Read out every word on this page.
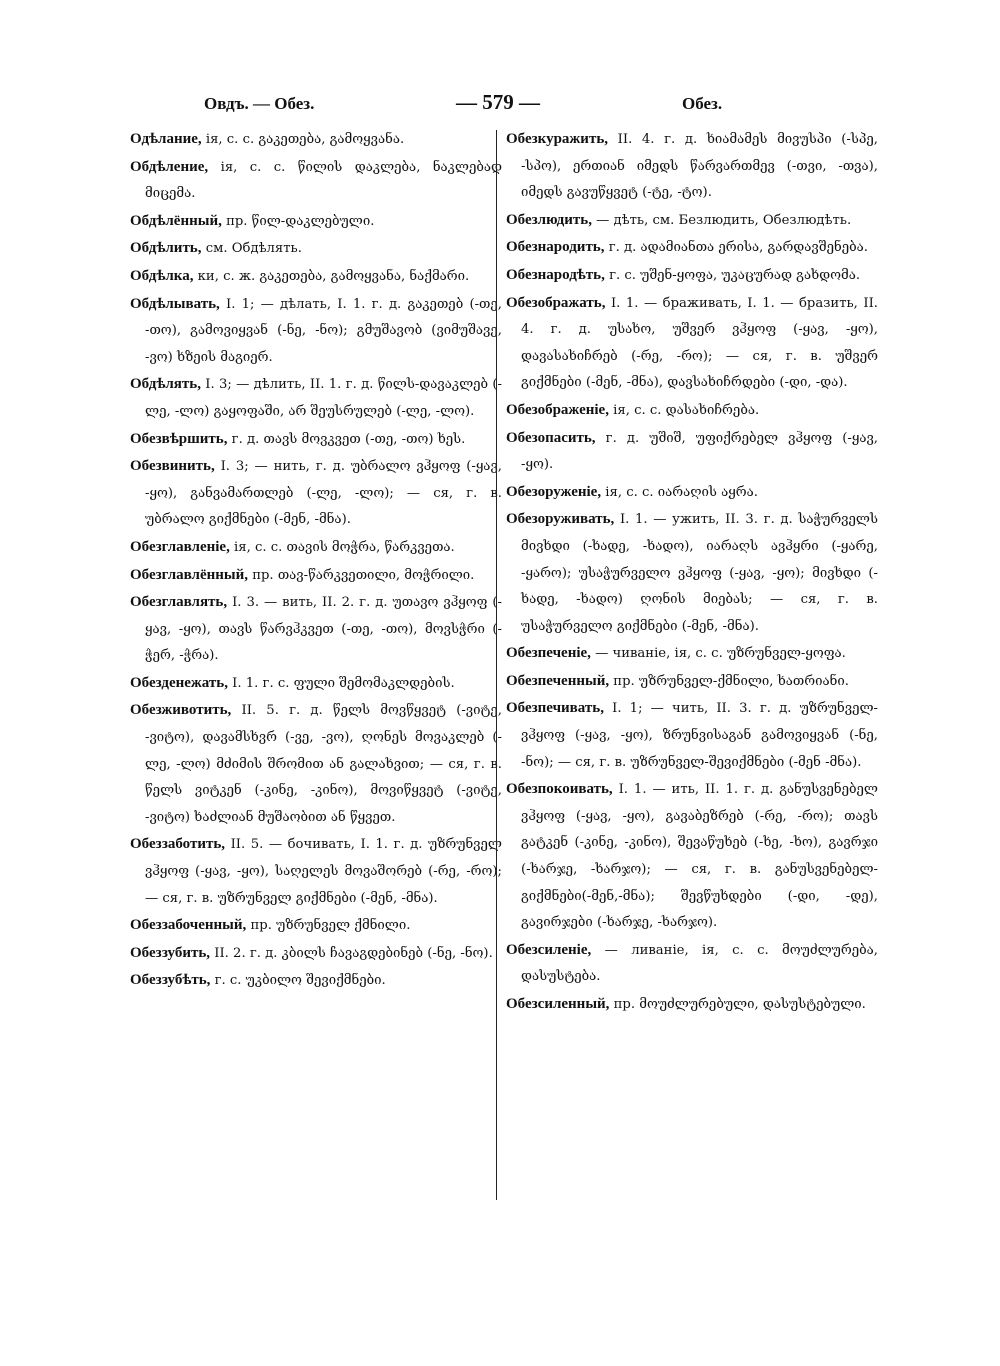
Овдъ. — Обез.	— 579 —	Обез.
Одѣлание, ія, с. с. გაკეთება, გამოყვანა.
Обдѣление, ія, с. с. წილის დაკლება, ნაკლებად მიცემა.
Обдѣлённый, пр. წილ-დაკლებული.
Обдѣлить, см. Обдѣлять.
Обдѣлка, ки, с. ж. გაკეთება, გამოყვანა, ნაქმარი.
Обдѣлывать, I. 1; — дѣлать, I. 1. г. д. გაკეთებ (-თე, -თო), გამოვიყვან (-ნე, -ნო); გმუშავობ (ვიმუშავე, -ვო) ხზეის მაგიერ.
Обдѣлять, I. 3; — дѣлить, II. 1. г. д. წილს-დავაკლებ (-ლე, -ლო) გაყოფაში, არ შეუსრულებ (-ლე, -ლო).
Обезвѣршить, г. д. თავს მოვკვეთ (-თე, -თო) ხეს.
Обезвинить, I. 3; — нить, г. д. უბრალო ვჰყოფ (-ყავ, -ყო), განვამართლებ (-ლე, -ლო); — ся, г. в. უბრალო გიქმნები (-მენ, -მნა).
Обезглавленіе, ія, с. с. თავის მოჭრა, წარკვეთა.
Обезглавлённый, пр. თავ-წარკვეთილი, მოჭრილი.
Обезглавлять, I. 3. — вить, II. 2. г. д. უთავო ვჰყოფ (-ყავ, -ყო), თავს წარვჰკვეთ (-თე, -თო), მოვსჭრი (-ჭერ, -ჭრა).
Обезденежать, I. 1. г. с. ფული შემომაკლდების.
Обезживотить, II. 5. г. д. წელს მოვწყვეტ (-ვიტე, -ვიტო), დავამსხვრ (-ვე, -ვო), ღონეს მოვაკლებ (-ლე, -ლო) მძიმის შრომით ან გალახვით; — ся, г. в. წელს ვიტკენ (-კინე, -კინო), მოვიწყვეტ (-ვიტე, -ვიტო) ხაძლიან მუშაობით ან წყვეთ.
Обеззаботить, II. 5. — бочивать, I. 1. г. д. უზრუნველ ვჰყოფ (-ყავ, -ყო), საღელეს მოვაშორებ (-რე, -რო); — ся, г. в. უზრუნველ გიქმნები (-მენ, -მნა).
Обеззабоченный, пр. უზრუნველ ქმნილი.
Обеззубить, II. 2. г. д. კბილს ჩავაგდებინებ (-ნე, -ნო).
Обеззубѣть, г. с. უკბილო შევიქმნები.
Обезкуражить, II. 4. г. д. ხიამამეს მივუსპი (-სპე, -სპო), ერთიან იმედს წარვართმევ (-თვი, -თვა), იმედს გავუწყვეტ (-ტე, -ტო).
Обезлюдить, — дѣть, см. Безлюдить, Обезлюдѣть.
Обезнародить, г. д. ადამიანთა ერისა, გარდავშენება.
Обезнародѣть, г. с. უშენ-ყოფა, უკაცურად გახდომა.
Обезображать, I. 1. — браживать, I. 1. — бразить, II. 4. г. д. უსახო, უშვერ ვჰყოფ (-ყავ, -ყო), დავასახიჩრებ (-რე, -რო); — ся, г. в. უშვერ გიქმნები (-მენ, -მნა), დავსახიჩრდები (-დი, -და).
Обезображеніе, ія, с. с. დასახიჩრება.
Обезопасить, г. д. უშიშ, უფიქრებელ ვჰყოფ (-ყავ, -ყო).
Обезоруженіе, ія, с. с. იარაღის აყრა.
Обезоруживать, I. 1. — ужить, II. 3. г. д. საჭურველს მივხდი (-ხადე, -ხადო), იარაღს ავჰყრი (-ყარე, -ყარო); უსაჭურველო ვჰყოფ (-ყავ, -ყო); მივხდი (-ხადე, -ხადო) ღონის მიებას; — ся, г. в. უსაჭურველო გიქმნები (-მენ, -მნა).
Обезпеченіе, — чиваніе, ія, с. с. უზრუნველ-ყოფა.
Обезпеченный, пр. უზრუნველ-ქმნილი, ხათრიანი.
Обезпечивать, I. 1; — чить, II. 3. г. д. უზრუნველ-ვჰყოფ (-ყავ, -ყო), ზრუნვისაგან გამოვიყვან (-ნე, -ნო); — ся, г. в. უზრუნველ-შევიქმნები (-მენ -მნა).
Обезпокоивать, I. 1. — ить, II. 1. г. д. განუსვენებელ ვჰყოფ (-ყავ, -ყო), გავაბეზრებ (-რე, -რო); თავს გატკენ (-კინე, -კინო), შევაწუხებ (-ხე, -ხო), გავრჯი (-ხარჯე, -ხარჯო); — ся, г. в. განუსვენებელ-გიქმნები(-მენ,-მნა); შევწუხდები (-დი, -დე), გავირჯები (-ხარჯე, -ხარჯო).
Обезсиленіе, — ливаніе, ія, с. с. მოუძლურება, დასუსტება.
Обезсиленный, пр. მოუძლურებული, დასუსტებული.
